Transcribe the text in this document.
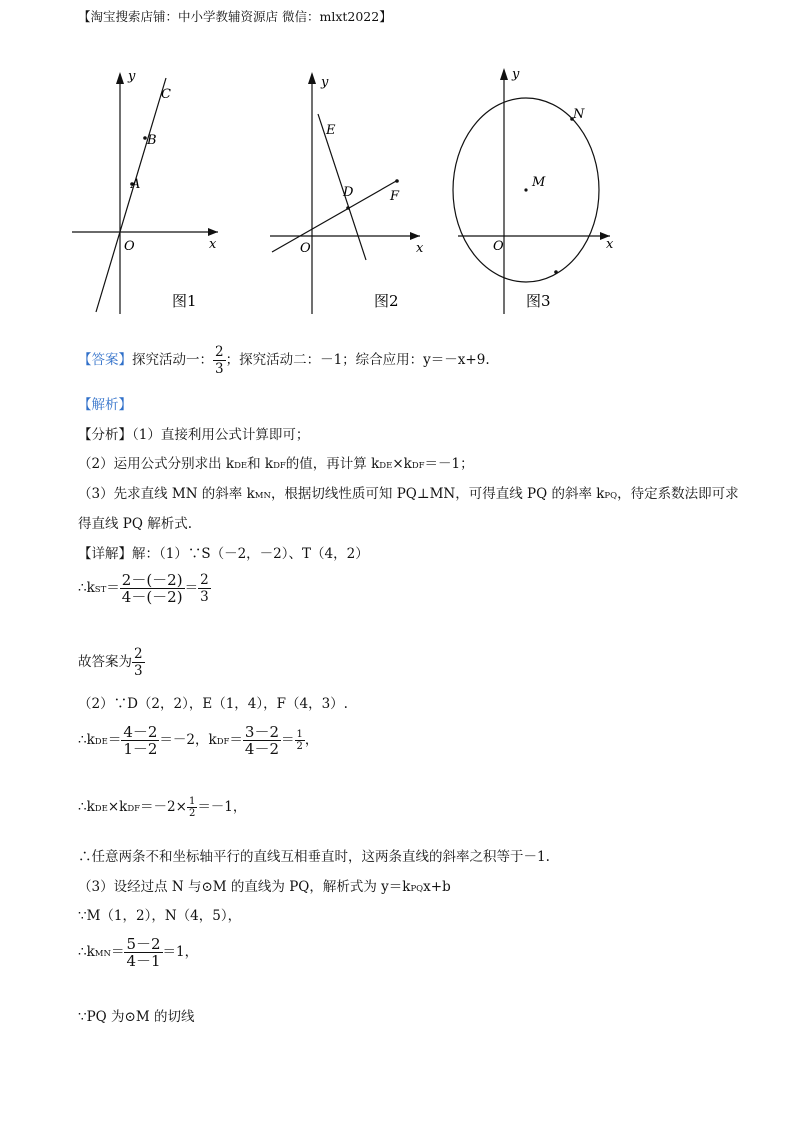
【淘宝搜索店铺：中小学教辅资源店 微信：mlxt2022】
y
x
O
C
B
A
图1
y
x
O
E
D	F
图2
y
x
O
N
M
图3
【答案】探究活动一： $\frac{2}{3}$ ；探究活动二：－1；综合应用：y＝－x+9.
【解析】
【分析】（1）直接利用公式计算即可；
（2）运用公式分别求出 kDE和 kDF的值，再计算 kDE×kDF＝－1；
（3）先求直线 MN 的斜率 kMN，根据切线性质可知 PQ⊥MN，可得直线 PQ 的斜率 kPQ，待定系数法即可求
得直线 PQ 解析式.
【详解】解：（1）∵S（－2，－2）、T（4，2）
∴kST＝ $\frac{2-(-2)}{4-(-2)} = \frac{2}{3}$
故答案为 $\frac{2}{3}$
（2）∵D（2，2），E（1，4），F（4，3）.
∴kDE＝ $\frac{4-2}{1-2} =-2$，$kDF= \frac{3-2}{4-2} = \frac{1}{2}$ ，
∴kDE×kDF＝－2× $\frac{1}{2} =-1$，
∴任意两条不和坐标轴平行的直线互相垂直时，这两条直线的斜率之积等于－1.
（3）设经过点 N 与⊙M 的直线为 PQ，解析式为 y＝kPQx+b
∵M（1，2），N（4，5），
∴kMN＝ $\frac{5-2}{4-1} =1$，
∵PQ 为⊙M 的切线
